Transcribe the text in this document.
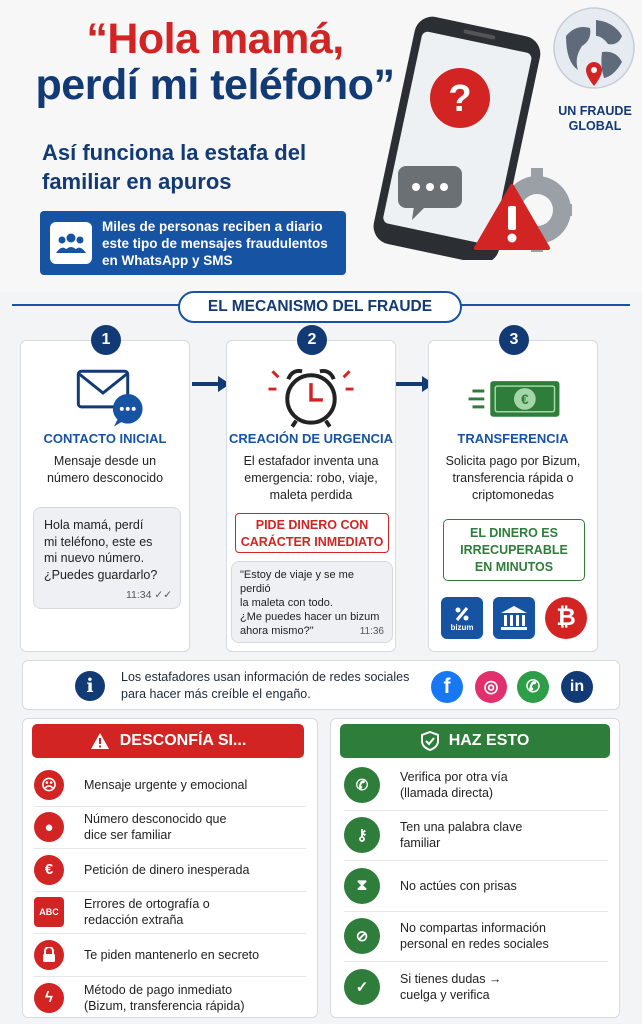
“Hola mamá,
perdí mi teléfono”
Así funciona la estafa del
familiar en apuros
Miles de personas reciben a diario
este tipo de mensajes fraudulentos
en WhatsApp y SMS
?	UN FRAUDE
GLOBAL
EL MECANISMO DEL FRAUDE
CONTACTO INICIAL
Mensaje desde un
número desconocido
Hola mamá, perdí
mi teléfono, este es
mi nuevo número.
¿Puedes guardarlo?
11:34 ✓✓
1
CREACIÓN DE URGENCIA
El estafador inventa una
emergencia: robo, viaje,
maleta perdida
PIDE DINERO CON
CARÁCTER INMEDIATO
"Estoy de viaje y se me perdió
la maleta con todo.
¿Me puedes hacer un bizum
ahora mismo?"	11:36
2
€
TRANSFERENCIA
Solicita pago por Bizum,
transferencia rápida o
criptomonedas
EL DINERO ES
IRRECUPERABLE
EN MINUTOS
bizum	₿
3
i	Los estafadores usan información de redes sociales
para hacer más creíble el engaño.	f	◎	✆	in
DESCONFÍA SI...
☹	Mensaje urgente y emocional
●	Número desconocido que
dice ser familiar
€	Petición de dinero inesperada
ABC
Errores de ortografía o
redacción extraña
Te piden mantenerlo en secreto
ϟ	Método de pago inmediato
(Bizum, transferencia rápida)
HAZ ESTO
✆	Verifica por otra vía
(llamada directa)
⚷	Ten una palabra clave
familiar
⧗	No actúes con prisas
⊘	No compartas información
personal en redes sociales
✓	Si tienes dudas →
cuelga y verifica
